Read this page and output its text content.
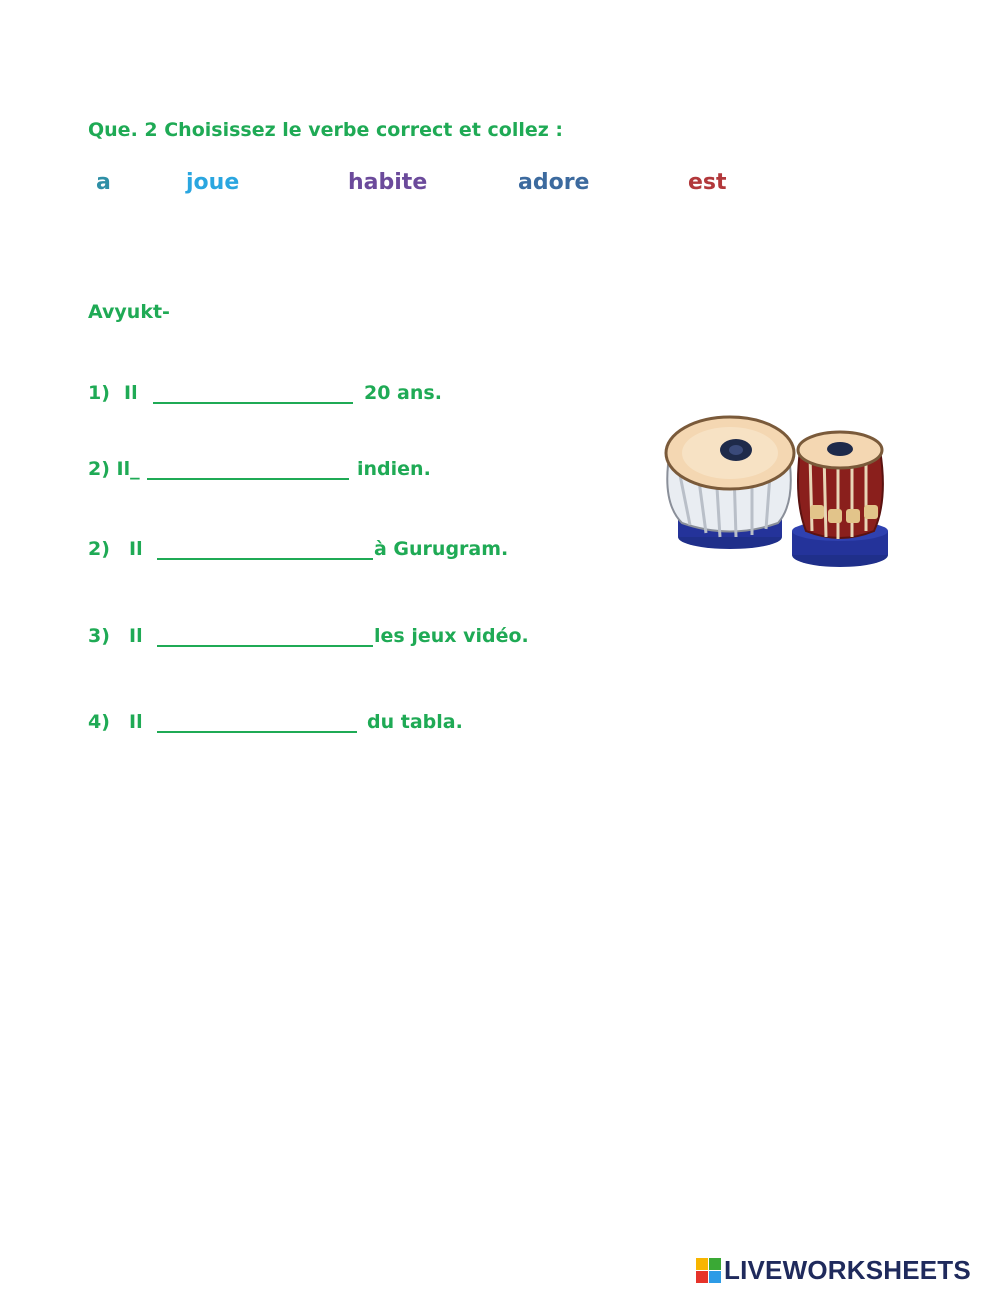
Que. 2 Choisissez le verbe correct et collez :
a	joue	habite	adore	est
Avyukt-
1) Il	20 ans.
2) Il_	indien.
2) Il	à Gurugram.
3) Il	les jeux vidéo.
4) Il	du tabla.
LIVEWORKSHEETS
